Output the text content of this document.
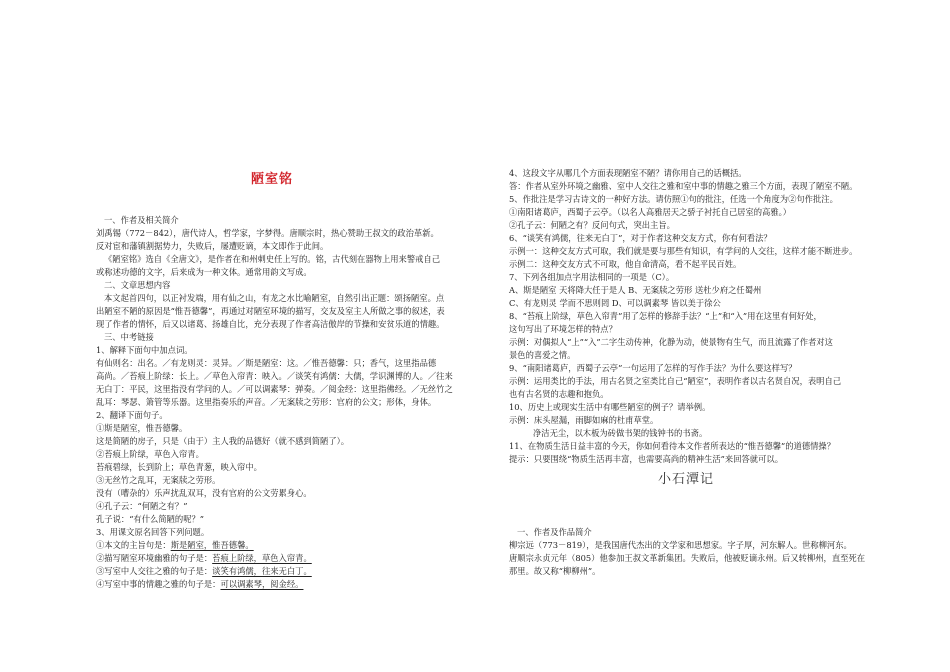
陋室铭
一、作者及相关简介
刘禹锡（772－842），唐代诗人，哲学家，字梦得。唐顺宗时，热心赞助王叔文的政治革新。
反对宦和藩镇割据势力，失败后，屡遭贬谪，本文即作于此间。
《陋室铭》选自《全唐文》，是作者在和州刺史任上写的。铭，古代刻在器物上用来警戒自己
或称述功德的文字，后来成为一种文体。通常用韵文写成。
二、文章思想内容
本文起首四句，以正衬发端，用有仙之山，有龙之水比喻陋室，自然引出正题：颂扬陋室。点
出陋室不陋的原因是“惟吾德馨”，再通过对陋室环境的描写，交友及室主人所做之事的叙述，表
现了作者的情怀，后又以诸葛、扬雄自比，充分表现了作者高洁傲岸的节操和安贫乐道的情趣。
三、中考链接
1、解释下面句中加点词。
有仙则名：出名。／有龙则灵：灵异。／斯是陋室：这。／惟吾德馨：只；香气，这里指品德
高尚。／苔痕上阶绿：长上。／草色入帘青：映入。／谈笑有鸿儒：大儒，学识渊博的人。／往来
无白丁：平民，这里指没有学问的人。／可以调素琴：弹奏。／阅金经：这里指佛经。／无丝竹之
乱耳：琴瑟、箫管等乐器。这里指奏乐的声音。／无案牍之劳形：官府的公文；形体，身体。
2、翻译下面句子。
①斯是陋室，惟吾德馨。
这是简陋的房子，只是（由于）主人我的品德好（就不感到简陋了）。
②苔痕上阶绿，草色入帘青。
苔痕碧绿，长到阶上；草色青葱，映入帘中。
③无丝竹之乱耳，无案牍之劳形。
没有（嘈杂的）乐声扰乱双耳，没有官府的公文劳累身心。
④孔子云：“何陋之有？”
孔子说：“有什么简陋的呢？”
3、用课文原名回答下列问题。
①本文的主旨句是：斯是陋室，惟吾德馨。
②描写陋室环境幽雅的句子是：苔痕上阶绿，草色入帘青。
③写室中人交往之雅的句子是：谈笑有鸿儒，往来无白丁。
④写室中事的情趣之雅的句子是：可以调素琴，阅金经。
4、这段文字从哪几个方面表现陋室不陋？请你用自己的话概括。
答：作者从室外环境之幽雅、室中人交往之雅和室中事的情趣之雅三个方面，表现了陋室不陋。
5、作批注是学习古诗文的一种好方法。请仿照①句的批注，任选一个角度为②句作批注。
①南阳诸葛庐，西蜀子云亭。（以名人高雅居天之骄子衬托自己居室的高雅。）
②孔子云：何陋之有？反问句式，突出主旨。
6、“谈笑有鸿儒，往来无白丁”，对于作者这种交友方式，你有何看法？
示例一：这种交友方式可取，我们就是要与那些有知识，有学问的人交往，这样才能不断进步。
示例二：这种交友方式不可取，他自命清高，看不起平民百姓。
7、下列各组加点字用法相同的一项是（C）。
A、斯是陋室 天将降大任于是人 B、无案牍之劳形 送杜少府之任蜀州
C、有龙则灵 学而不思则罔 D、可以调素琴 皆以美于徐公
8、“苔痕上阶绿，草色入帘青”用了怎样的修辞手法？“上”和“入”用在这里有何好处，
这句写出了环境怎样的特点？
示例：对偶拟人“上”“入”二字生动传神，化静为动，使景物有生气，而且流露了作者对这
景色的喜爱之情。
9、“南阳诸葛庐，西蜀子云亭”一句运用了怎样的写作手法？为什么要这样写？
示例：运用类比的手法，用古名贤之室类比自己“陋室”，表明作者以古名贤自况，表明自己
也有古名贤的志趣和抱负。
10、历史上或现实生活中有哪些陋室的例子？请举例。
示例：床头屋漏，雨脚如麻的杜甫草堂。
净洁无尘，以木板为砖做书架的钱钟书的书斋。
11、在物质生活日益丰富的今天，你如何看待本文作者所表达的“惟吾德馨”的道德情操？
提示：只要围绕“物质生活再丰富，也需要高尚的精神生活”来回答就可以。
小石潭记
一、作者及作品简介
柳宗远（773－819），是我国唐代杰出的文学家和思想家。字子厚，河东解人。世称柳河东。
唐顺宗永贞元年（805）他参加王叔文革新集团。失败后，他被贬谪永州。后又转柳州，直至死在
那里。故又称“柳柳州”。
